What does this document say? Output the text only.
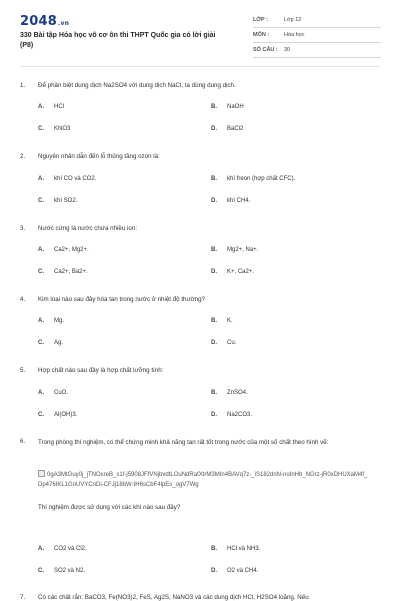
2048.vn
330 Bài tập Hóa học vô cơ ôn thi THPT Quốc gia có lời giải (P8)
LỚP :	Lớp 12
MÔN :	Hóa học
SỐ CÂU : 30
1. Để phân biệt dung dịch Na2SO4 với dung dịch NaCl, ta dùng dung dịch.
A. HCl	B. NaOH
C. KNO3	D. BaCl2
2. Nguyên nhân dẫn đến lỗ thủng tầng ozon là:
A. khí CO và CO2.	B. khí freon (hợp chất CFC).
C. khí SO2.	D. khí CH4.
3. Nước cứng là nước chứa nhiều ion:
A. Ca2+, Mg2+.	B. Mg2+, Na+.
C. Ca2+, Ba2+.	D. K+, Ca2+.
4. Kim loại nào sau đây hòa tan trong nước ở nhiệt độ thường?
A. Mg.	B. K.
C. Ag.	D. Cu.
5. Hợp chất nào sau đây là hợp chất lưỡng tính:
A. CuO.	B. ZnSO4.
C. Al(OH)3.	D. Na2CO3.
6. Trong phòng thí nghiệm, có thể chứng minh khả năng tan rất tốt trong nước của một số chất theo hình vẽ:
0gA3MtGuy0j_jTNOxreB_s1f-j5908JFfVNjbvdtLOuNdRafXtrM3MIn4BAVq7z-_iS182dnN-noInHb_NGrz-jR0xDHUXaM4f_Dp476IKL1GoUVYCnDi-CFJj18bW-tH6sCbF4lpEs_ogV7Wg
Thí nghiệm được sử dụng với các khí nào sau đây?
A. CO2 và Cl2.	B. HCl và NH3.
C. SO2 và N2.	D. O2 và CH4.
7. Có các chất rắn: BaCO3, Fe(NO3)2, FeS, Ag2S, NaNO3 và các dung dịch HCl, H2SO4 loãng. Nếu
